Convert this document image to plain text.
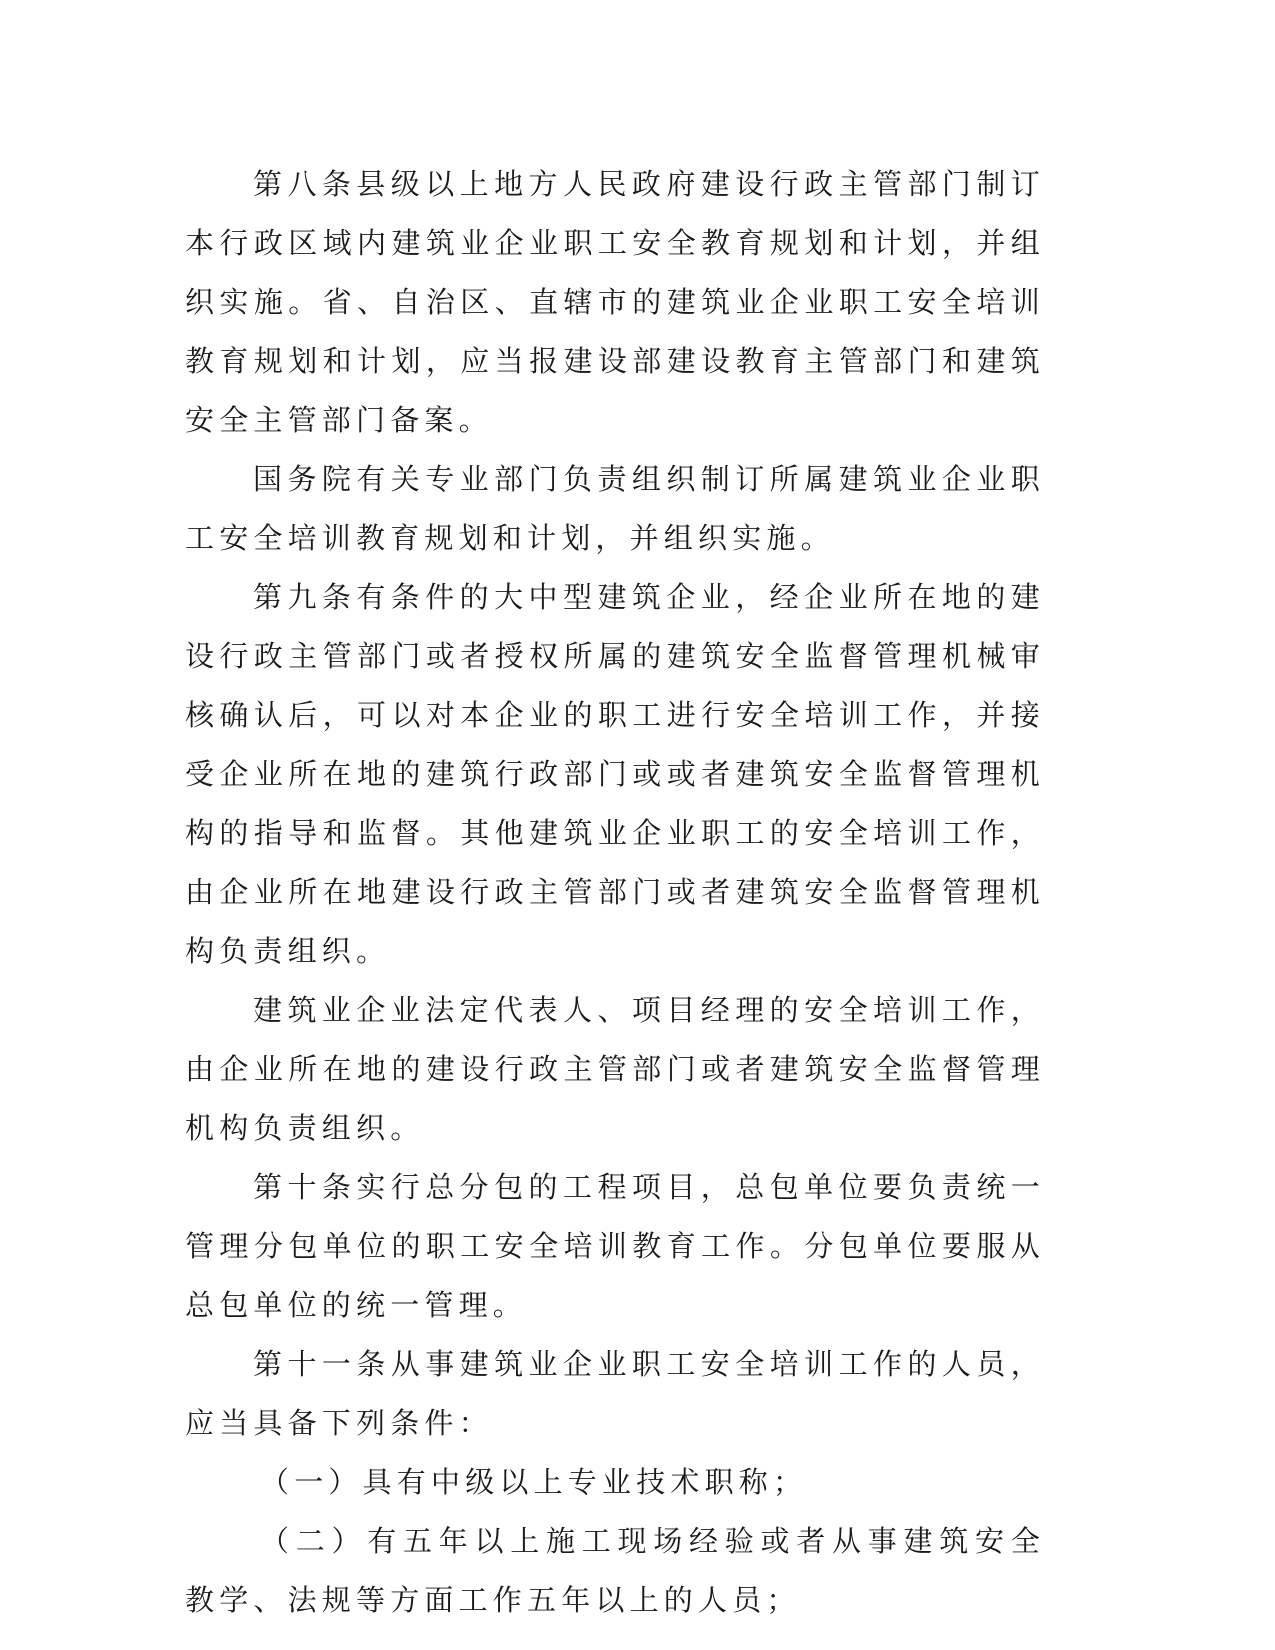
第八条县级以上地方人民政府建设行政主管部门制订本行政区域内建筑业企业职工安全教育规划和计划，并组织实施。省、自治区、直辖市的建筑业企业职工安全培训教育规划和计划，应当报建设部建设教育主管部门和建筑安全主管部门备案。

国务院有关专业部门负责组织制订所属建筑业企业职工安全培训教育规划和计划，并组织实施。

第九条有条件的大中型建筑企业，经企业所在地的建设行政主管部门或者授权所属的建筑安全监督管理机械审核确认后，可以对本企业的职工进行安全培训工作，并接受企业所在地的建筑行政部门或或者建筑安全监督管理机构的指导和监督。其他建筑业企业职工的安全培训工作，由企业所在地建设行政主管部门或者建筑安全监督管理机构负责组织。

建筑业企业法定代表人、项目经理的安全培训工作，由企业所在地的建设行政主管部门或者建筑安全监督管理机构负责组织。

第十条实行总分包的工程项目，总包单位要负责统一管理分包单位的职工安全培训教育工作。分包单位要服从总包单位的统一管理。

第十一条从事建筑业企业职工安全培训工作的人员，应当具备下列条件：

（一）具有中级以上专业技术职称；

（二）有五年以上施工现场经验或者从事建筑安全教学、法规等方面工作五年以上的人员；
